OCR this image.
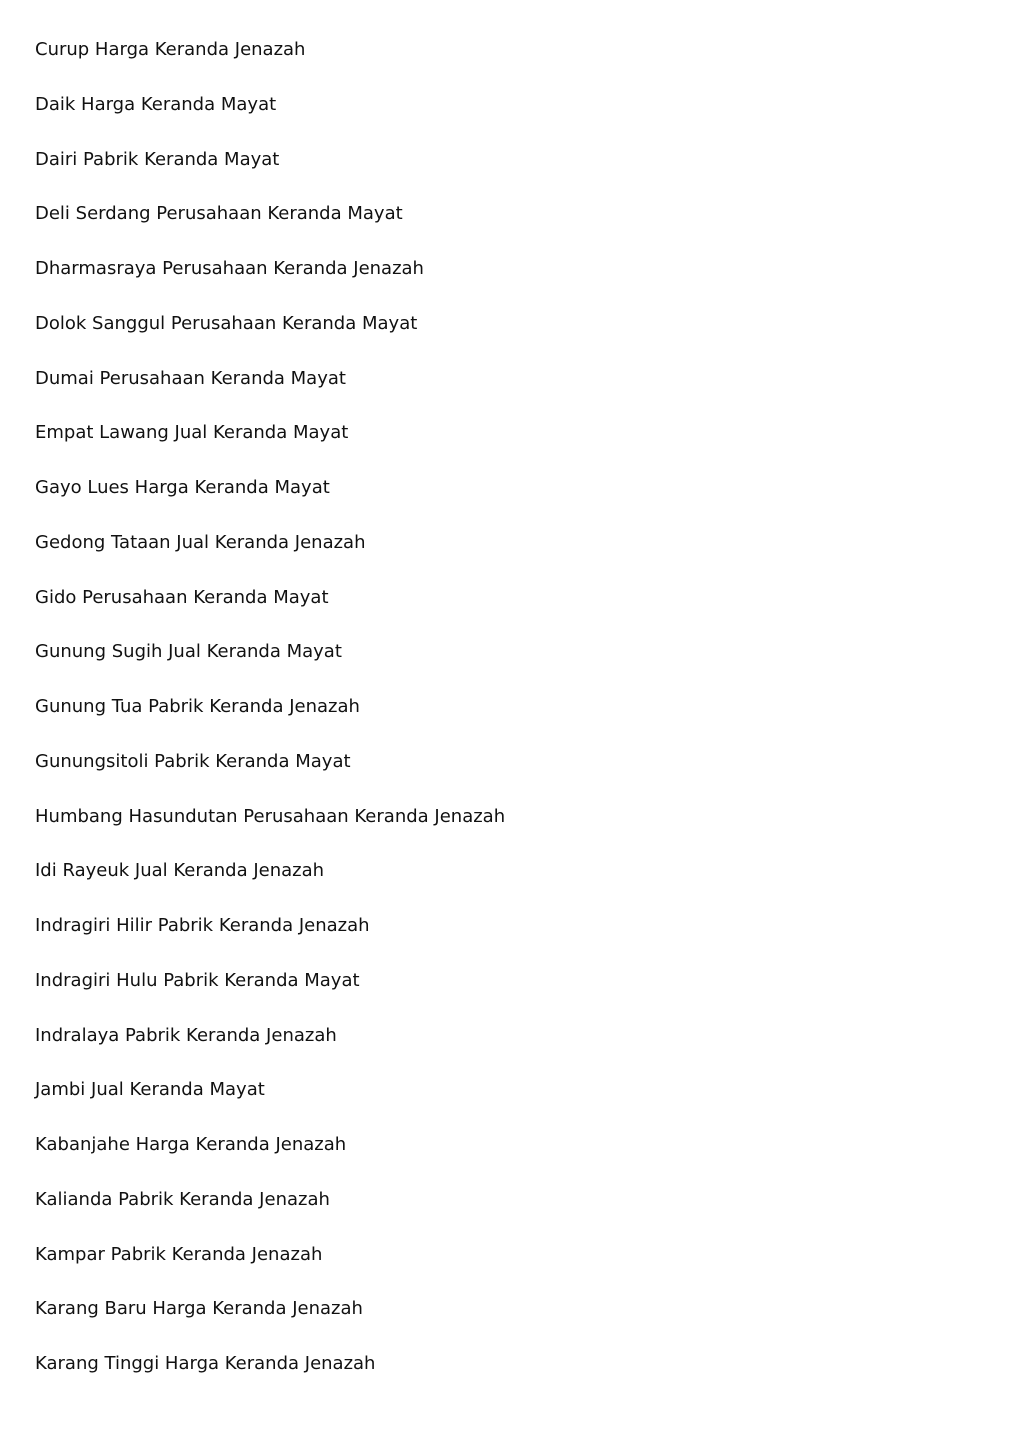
Curup Harga Keranda Jenazah
Daik Harga Keranda Mayat
Dairi Pabrik Keranda Mayat
Deli Serdang Perusahaan Keranda Mayat
Dharmasraya Perusahaan Keranda Jenazah
Dolok Sanggul Perusahaan Keranda Mayat
Dumai Perusahaan Keranda Mayat
Empat Lawang Jual Keranda Mayat
Gayo Lues Harga Keranda Mayat
Gedong Tataan Jual Keranda Jenazah
Gido Perusahaan Keranda Mayat
Gunung Sugih Jual Keranda Mayat
Gunung Tua Pabrik Keranda Jenazah
Gunungsitoli Pabrik Keranda Mayat
Humbang Hasundutan Perusahaan Keranda Jenazah
Idi Rayeuk Jual Keranda Jenazah
Indragiri Hilir Pabrik Keranda Jenazah
Indragiri Hulu Pabrik Keranda Mayat
Indralaya Pabrik Keranda Jenazah
Jambi Jual Keranda Mayat
Kabanjahe Harga Keranda Jenazah
Kalianda Pabrik Keranda Jenazah
Kampar Pabrik Keranda Jenazah
Karang Baru Harga Keranda Jenazah
Karang Tinggi Harga Keranda Jenazah
